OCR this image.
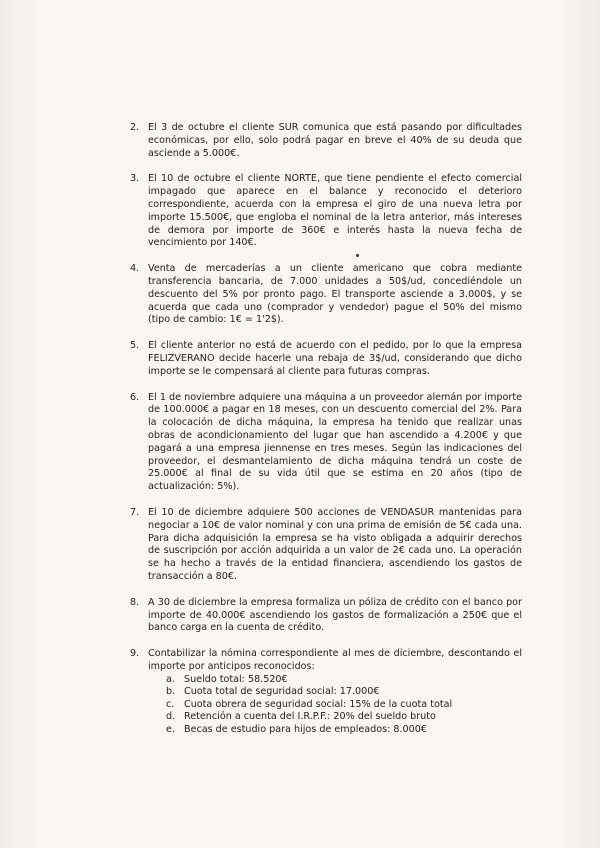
2. El 3 de octubre el cliente SUR comunica que está pasando por dificultades económicas, por ello, solo podrá pagar en breve el 40% de su deuda que asciende a 5.000€.

3. El 10 de octubre el cliente NORTE, que tiene pendiente el efecto comercial impagado que aparece en el balance y reconocido el deterioro correspondiente, acuerda con la empresa el giro de una nueva letra por importe 15.500€, que engloba el nominal de la letra anterior, más intereses de demora por importe de 360€ e interés hasta la nueva fecha de vencimiento por 140€.

4. Venta de mercaderías a un cliente americano que cobra mediante transferencia bancaria, de 7.000 unidades a 50$/ud, concediéndole un descuento del 5% por pronto pago. El transporte asciende a 3.000$, y se acuerda que cada uno (comprador y vendedor) pague el 50% del mismo (tipo de cambio: 1€ = 1'2$).

5. El cliente anterior no está de acuerdo con el pedido, por lo que la empresa FELIZVERANO decide hacerle una rebaja de 3$/ud, considerando que dicho importe se le compensará al cliente para futuras compras.

6. El 1 de noviembre adquiere una máquina a un proveedor alemán por importe de 100.000€ a pagar en 18 meses, con un descuento comercial del 2%. Para la colocación de dicha máquina, la empresa ha tenido que realizar unas obras de acondicionamiento del lugar que han ascendido a 4.200€ y que pagará a una empresa jiennense en tres meses. Según las indicaciones del proveedor, el desmantelamiento de dicha máquina tendrá un coste de 25.000€ al final de su vida útil que se estima en 20 años (tipo de actualización: 5%).

7. El 10 de diciembre adquiere 500 acciones de VENDASUR mantenidas para negociar a 10€ de valor nominal y con una prima de emisión de 5€ cada una. Para dicha adquisición la empresa se ha visto obligada a adquirir derechos de suscripción por acción adquirida a un valor de 2€ cada uno. La operación se ha hecho a través de la entidad financiera, ascendiendo los gastos de transacción a 80€.

8. A 30 de diciembre la empresa formaliza un póliza de crédito con el banco por importe de 40.000€ ascendiendo los gastos de formalización a 250€ que el banco carga en la cuenta de crédito.

9. Contabilizar la nómina correspondiente al mes de diciembre, descontando el importe por anticipos reconocidos:

a. Sueldo total: 58.520€
b. Cuota total de seguridad social: 17.000€
c. Cuota obrera de seguridad social: 15% de la cuota total
d. Retención a cuenta del I.R.P.F.: 20% del sueldo bruto
e. Becas de estudio para hijos de empleados: 8.000€
